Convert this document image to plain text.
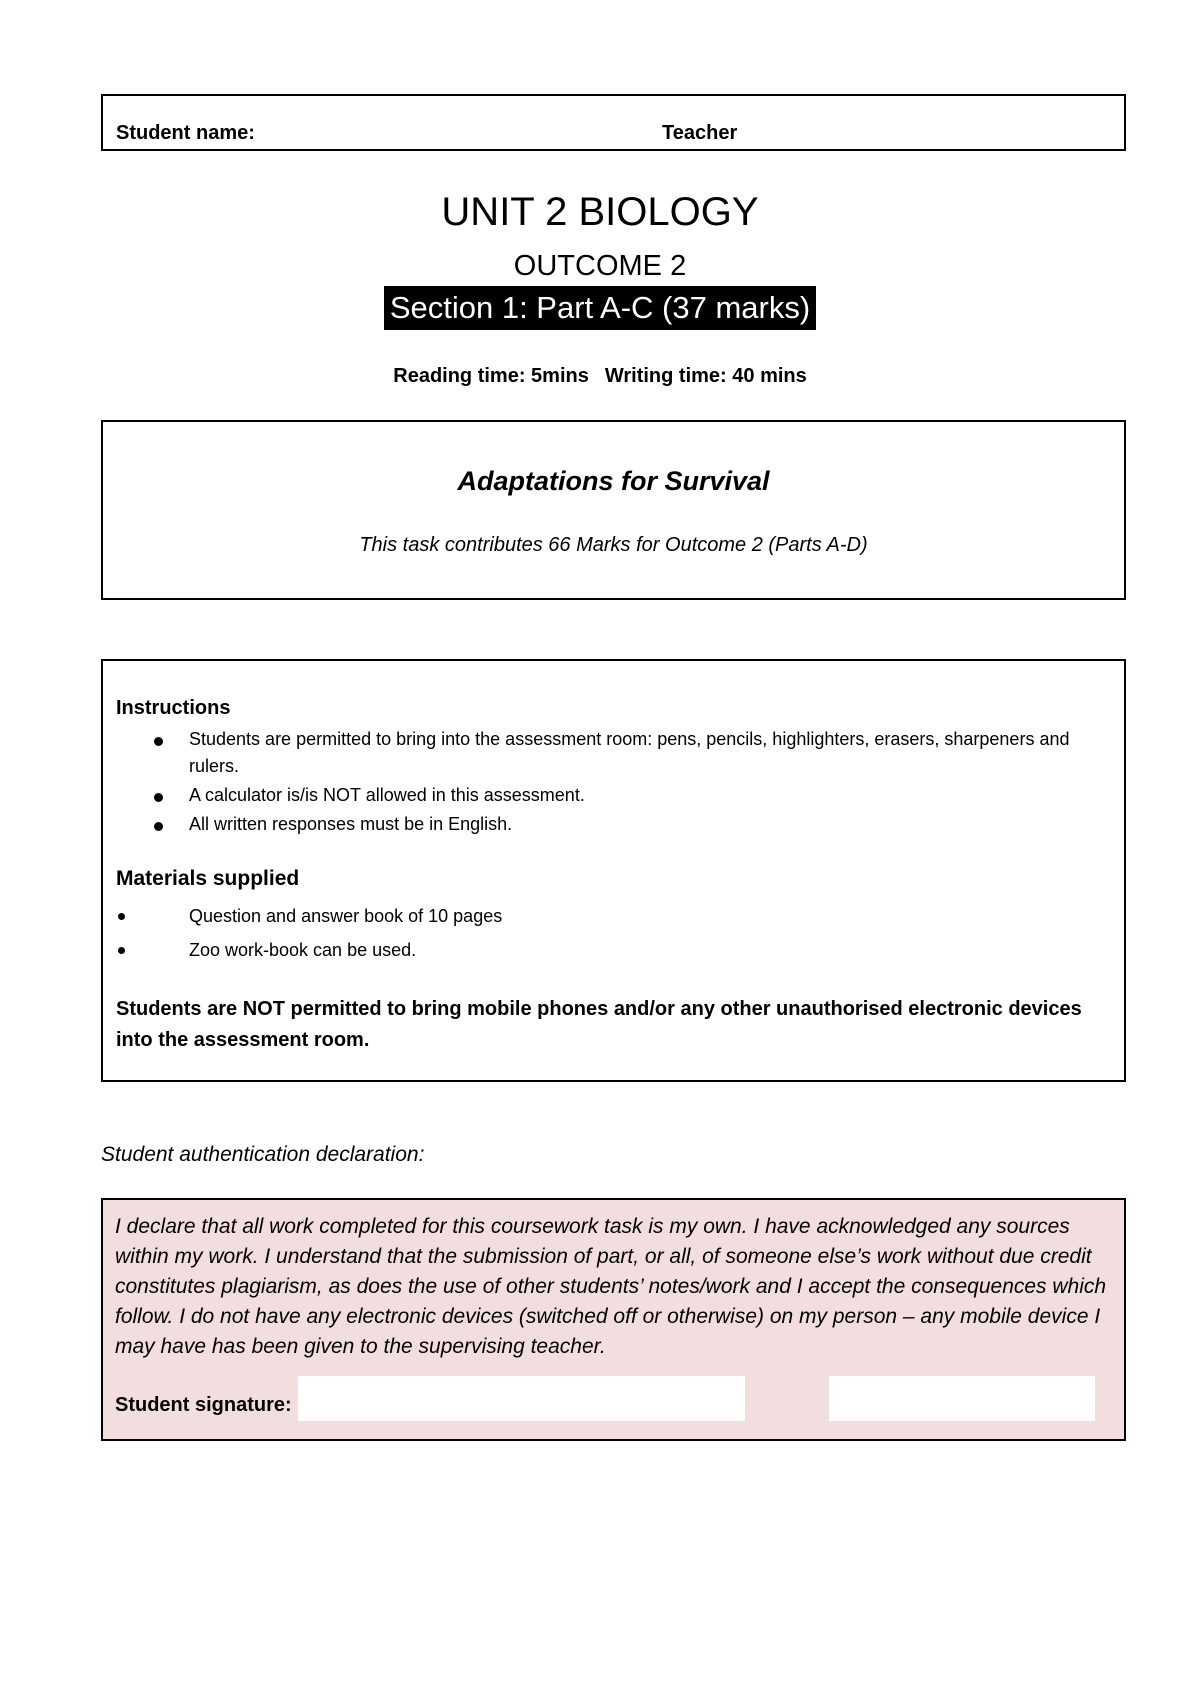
Student name:	Teacher
UNIT 2 BIOLOGY
OUTCOME 2
Section 1: Part A-C (37 marks)
Reading time: 5mins Writing time: 40 mins
Adaptations for Survival
This task contributes 66 Marks for Outcome 2 (Parts A-D)
Instructions
Students are permitted to bring into the assessment room: pens, pencils, highlighters, erasers, sharpeners and rulers.
A calculator is/is NOT allowed in this assessment.
All written responses must be in English.
Materials supplied
Question and answer book of 10 pages
Zoo work-book can be used.
Students are NOT permitted to bring mobile phones and/or any other unauthorised electronic devices into the assessment room.
Student authentication declaration:
I declare that all work completed for this coursework task is my own. I have acknowledged any sources within my work. I understand that the submission of part, or all, of someone else’s work without due credit constitutes plagiarism, as does the use of other students’ notes/work and I accept the consequences which follow. I do not have any electronic devices (switched off or otherwise) on my person – any mobile device I may have has been given to the supervising teacher.
Student signature:
